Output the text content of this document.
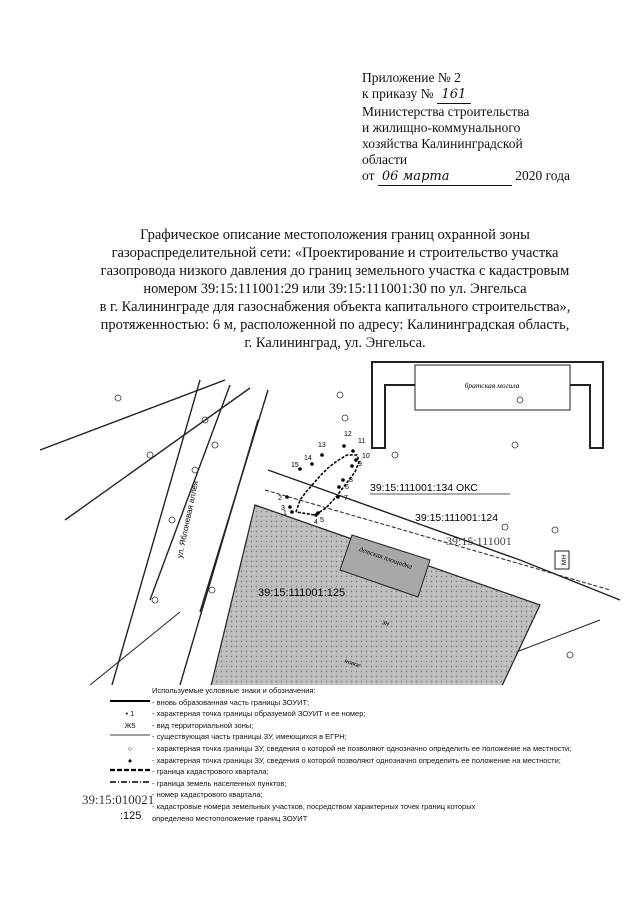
Приложение № 2
к приказу № 161
Министерства строительства
и жилищно-коммунального
хозяйства Калининградской
области
от 06 марта	2020 года
Графическое описание местоположения границ охранной зоны
газораспределительной сети: «Проектирование и строительство участка
газопровода низкого давления до границ земельного участка с кадастровым
номером 39:15:111001:29 или 39:15:111001:30 по ул. Энгельса
в г. Калининграде для газоснабжения объекта капитального строительства»,
протяженностью: 6 м, расположенной по адресу: Калининградская область,
г. Калининград, ул. Энгельса.
братская могила
детская площадка
эн
новое
МН
ул. Яблоневая аллея	39:15:111001:134 ОКС
39:15:111001:124
39:15:111001
39:15:111001:125
1
2
3
4 5
6
7
8
9
10
11
12
13
14
15
Используемые условные знаки и обозначения:
- вновь образованная часть границы ЗОУИТ;
• 1	- характерная точка границы образуемой ЗОУИТ и ее номер;
Ж5	- вид территориальной зоны;
- существующая часть границы ЗУ, имеющихся в ЕГРН;
○	- характерная точка границы ЗУ, сведения о которой не позволяют однозначно определить ее положение на местности;
●	- характерная точка границы ЗУ, сведения о которой позволяют однозначно определить ее положение на местности;
- граница кадастрового квартала;
- граница земель населенных пунктов;
- номер кадастрового квартала;
- кадастровые номера земельных участков, посредством характерных точек границ которых
определено местоположение границ ЗОУИТ
39:15:010021
:125
